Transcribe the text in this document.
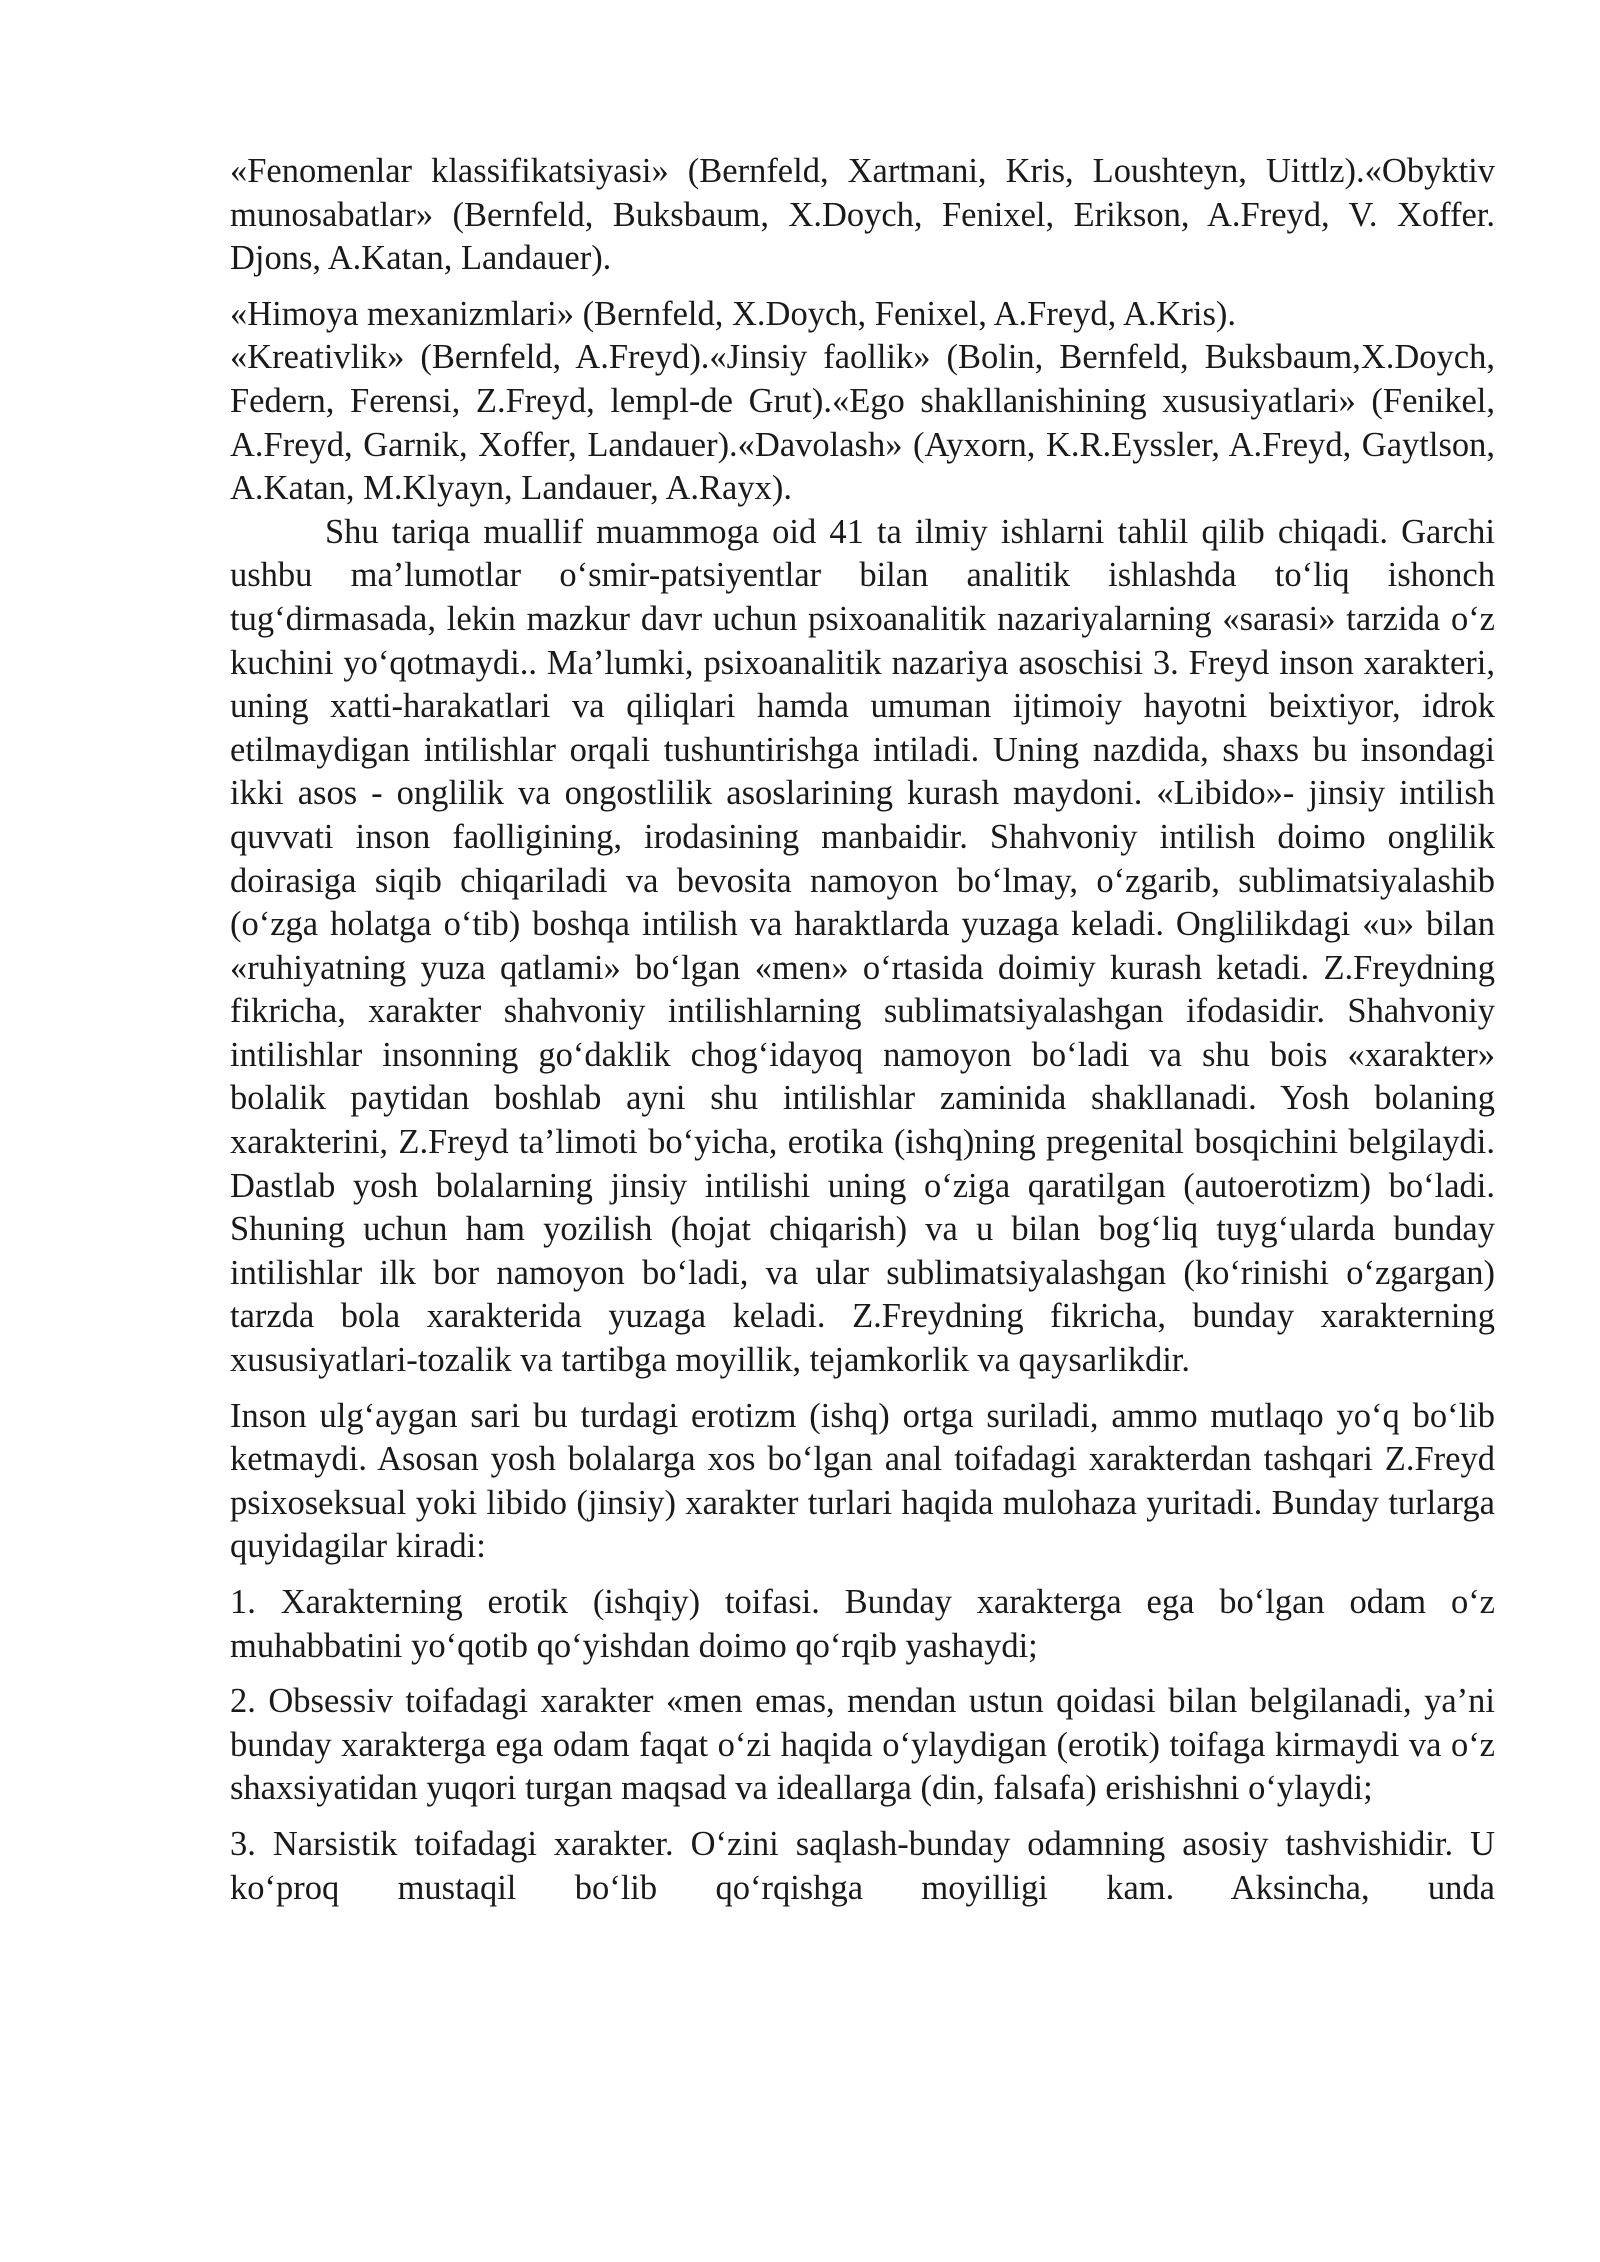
«Fenomenlar klassifikatsiyasi» (Bernfeld, Xartmani, Kris, Loushteyn, Uittlz).«Obyktiv munosabatlar» (Bernfeld, Buksbaum, X.Doych, Fenixel, Erikson, A.Freyd, V. Xoffer. Djons, A.Katan, Landauer).

«Himoya mexanizmlari» (Bernfeld, X.Doych, Fenixel, A.Freyd, A.Kris).

«Kreativlik» (Bernfeld, A.Freyd).«Jinsiy faollik» (Bolin, Bernfeld, Buksbaum,X.Doych, Federn, Ferensi, Z.Freyd, lempl-de Grut).«Ego shakllanishining xususiyatlari» (Fenikel, A.Freyd, Garnik, Xoffer, Landauer).«Davolash» (Ayxorn, K.R.Eyssler, A.Freyd, Gaytlson, A.Katan, M.Klyayn, Landauer, A.Rayx).

Shu tariqa muallif muammoga oid 41 ta ilmiy ishlarni tahlil qilib chiqadi. Garchi ushbu ma’lumotlar o‘smir-patsiyentlar bilan analitik ishlashda to‘liq ishonch tug‘dirmasada, lekin mazkur davr uchun psixoanalitik nazariyalarning «sarasi» tarzida o‘z kuchini yo‘qotmaydi.. Ma’lumki, psixoanalitik nazariya asoschisi 3. Freyd inson xarakteri, uning xatti-harakatlari va qiliqlari hamda umuman ijtimoiy hayotni beixtiyor, idrok etilmaydigan intilishlar orqali tushuntirishga intiladi. Uning nazdida, shaxs bu insondagi ikki asos - onglilik va ongostlilik asoslarining kurash maydoni. «Libido»- jinsiy intilish quvvati inson faolligining, irodasining manbaidir. Shahvoniy intilish doimo onglilik doirasiga siqib chiqariladi va bevosita namoyon bo‘lmay, o‘zgarib, sublimatsiyalashib (o‘zga holatga o‘tib) boshqa intilish va haraktlarda yuzaga keladi. Onglilikdagi «u» bilan «ruhiyatning yuza qatlami» bo‘lgan «men» o‘rtasida doimiy kurash ketadi. Z.Freydning fikricha, xarakter shahvoniy intilishlarning sublimatsiyalashgan ifodasidir. Shahvoniy intilishlar insonning go‘daklik chog‘idayoq namoyon bo‘ladi va shu bois «xarakter» bolalik paytidan boshlab ayni shu intilishlar zaminida shakllanadi. Yosh bolaning xarakterini, Z.Freyd ta’limoti bo‘yicha, erotika (ishq)ning pregenital bosqichini belgilaydi. Dastlab yosh bolalarning jinsiy intilishi uning o‘ziga qaratilgan (autoerotizm) bo‘ladi. Shuning uchun ham yozilish (hojat chiqarish) va u bilan bog‘liq tuyg‘ularda bunday intilishlar ilk bor namoyon bo‘ladi, va ular sublimatsiyalashgan (ko‘rinishi o‘zgargan) tarzda bola xarakterida yuzaga keladi. Z.Freydning fikricha, bunday xarakterning xususiyatlari-tozalik va tartibga moyillik, tejamkorlik va qaysarlikdir.

Inson ulg‘aygan sari bu turdagi erotizm (ishq) ortga suriladi, ammo mutlaqo yo‘q bo‘lib ketmaydi. Asosan yosh bolalarga xos bo‘lgan anal toifadagi xarakterdan tashqari Z.Freyd psixoseksual yoki libido (jinsiy) xarakter turlari haqida mulohaza yuritadi. Bunday turlarga quyidagilar kiradi:

1. Xarakterning erotik (ishqiy) toifasi. Bunday xarakterga ega bo‘lgan odam o‘z muhabbatini yo‘qotib qo‘yishdan doimo qo‘rqib yashaydi;

2. Obsessiv toifadagi xarakter «men emas, mendan ustun qoidasi bilan belgilanadi, ya’ni bunday xarakterga ega odam faqat o‘zi haqida o‘ylaydigan (erotik) toifaga kirmaydi va o‘z shaxsiyatidan yuqori turgan maqsad va ideallarga (din, falsafa) erishishni o‘ylaydi;

3. Narsistik toifadagi xarakter. O‘zini saqlash-bunday odamning asosiy tashvishidir. U ko‘proq mustaqil bo‘lib qo‘rqishga moyilligi kam. Aksincha, unda
